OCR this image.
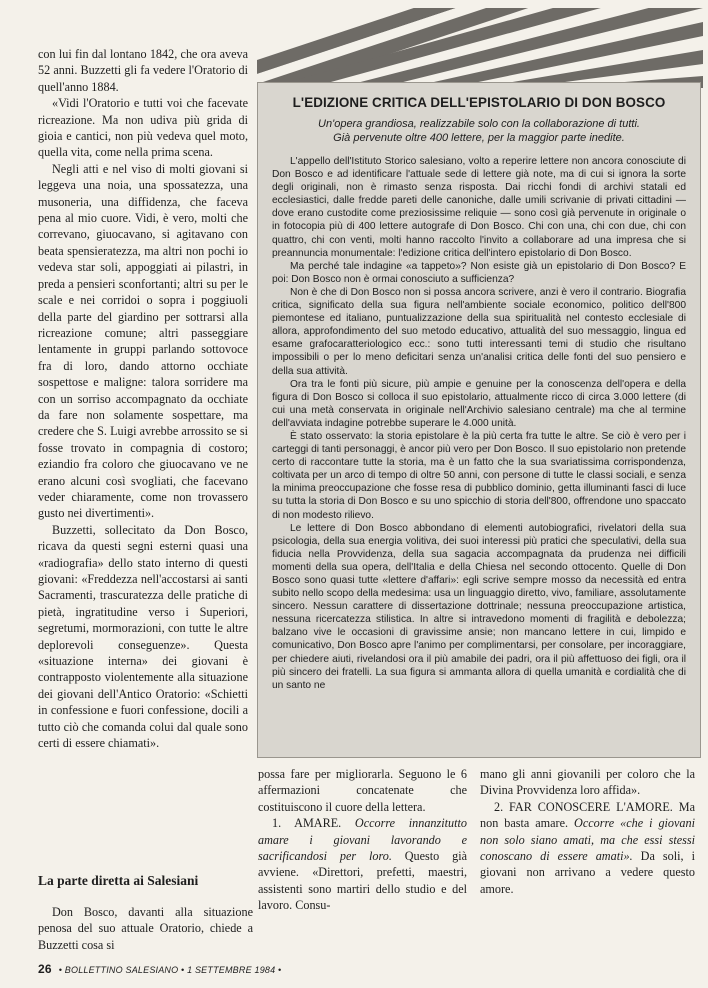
con lui fin dal lontano 1842, che ora aveva 52 anni. Buzzetti gli fa vedere l'Oratorio di quell'anno 1884.

«Vidi l'Oratorio e tutti voi che facevate ricreazione. Ma non udiva più grida di gioia e cantici, non più vedeva quel moto, quella vita, come nella prima scena.

Negli atti e nel viso di molti giovani si leggeva una noia, una spossatezza, una musoneria, una diffidenza, che faceva pena al mio cuore. Vidi, è vero, molti che correvano, giuocavano, si agitavano con beata spensieratezza, ma altri non pochi io vedeva star soli, appoggiati ai pilastri, in preda a pensieri sconfortanti; altri su per le scale e nei corridoi o sopra i poggiuoli della parte del giardino per sottrarsi alla ricreazione comune; altri passeggiare lentamente in gruppi parlando sottovoce fra di loro, dando attorno occhiate sospettose e maligne: talora sorridere ma con un sorriso accompagnato da occhiate da fare non solamente sospettare, ma credere che S. Luigi avrebbe arrossito se si fosse trovato in compagnia di costoro; eziandio fra coloro che giuocavano ve ne erano alcuni così svogliati, che facevano veder chiaramente, come non trovassero gusto nei divertimenti».

Buzzetti, sollecitato da Don Bosco, ricava da questi segni esterni quasi una «radiografia» dello stato interno di questi giovani: «Freddezza nell'accostarsi ai santi Sacramenti, trascuratezza delle pratiche di pietà, ingratitudine verso i Superiori, segretumi, mormorazioni, con tutte le altre deplorevoli conseguenze». Questa «situazione interna» dei giovani è contrapposto violentemente alla situazione dei giovani dell'Antico Oratorio: «Schietti in confessione e fuori confessione, docili a tutto ciò che comanda colui dal quale sono certi di essere chiamati».

La parte diretta ai Salesiani

Don Bosco, davanti alla situazione penosa del suo attuale Oratorio, chiede a Buzzetti cosa si

L'EDIZIONE CRITICA DELL'EPISTOLARIO DI DON BOSCO

Un'opera grandiosa, realizzabile solo con la collaborazione di tutti.
Già pervenute oltre 400 lettere, per la maggior parte inedite.

L'appello dell'Istituto Storico salesiano, volto a reperire lettere non ancora conosciute di Don Bosco e ad identificare l'attuale sede di lettere già note, ma di cui si ignora la sorte degli originali, non è rimasto senza risposta. Dai ricchi fondi di archivi statali ed ecclesiastici, dalle fredde pareti delle canoniche, dalle umili scrivanie di privati cittadini — dove erano custodite come preziosissime reliquie — sono così già pervenute in originale o in fotocopia più di 400 lettere autografe di Don Bosco. Chi con una, chi con due, chi con quattro, chi con venti, molti hanno raccolto l'invito a collaborare ad una impresa che si preannuncia monumentale: l'edizione critica dell'intero epistolario di Don Bosco.

Ma perché tale indagine «a tappeto»? Non esiste già un epistolario di Don Bosco? E poi: Don Bosco non è ormai conosciuto a sufficienza?

Non è che di Don Bosco non si possa ancora scrivere, anzi è vero il contrario. Biografia critica, significato della sua figura nell'ambiente sociale economico, politico dell'800 piemontese ed italiano, puntualizzazione della sua spiritualità nel contesto ecclesiale di allora, approfondimento del suo metodo educativo, attualità del suo messaggio, lingua ed esame grafocaratteriologico ecc.: sono tutti interessanti temi di studio che risultano impossibili o per lo meno deficitari senza un'analisi critica delle fonti del suo pensiero e della sua attività.

Ora tra le fonti più sicure, più ampie e genuine per la conoscenza dell'opera e della figura di Don Bosco si colloca il suo epistolario, attualmente ricco di circa 3.000 lettere (di cui una metà conservata in originale nell'Archivio salesiano centrale) ma che al termine dell'avviata indagine potrebbe superare le 4.000 unità.

È stato osservato: la storia epistolare è la più certa fra tutte le altre. Se ciò è vero per i carteggi di tanti personaggi, è ancor più vero per Don Bosco. Il suo epistolario non pretende certo di raccontare tutte la storia, ma è un fatto che la sua svariatissima corrispondenza, coltivata per un arco di tempo di oltre 50 anni, con persone di tutte le classi sociali, e senza la minima preoccupazione che fosse resa di pubblico dominio, getta illuminanti fasci di luce su tutta la storia di Don Bosco e su uno spicchio di storia dell'800, offrendone uno spaccato di non modesto rilievo.

Le lettere di Don Bosco abbondano di elementi autobiografici, rivelatori della sua psicologia, della sua energia volitiva, dei suoi interessi più pratici che speculativi, della sua fiducia nella Provvidenza, della sua sagacia accompagnata da prudenza nei difficili momenti della sua opera, dell'Italia e della Chiesa nel secondo ottocento. Quelle di Don Bosco sono quasi tutte «lettere d'affari»: egli scrive sempre mosso da necessità ed entra subito nello scopo della medesima: usa un linguaggio diretto, vivo, familiare, assolutamente sincero. Nessun carattere di dissertazione dottrinale; nessuna preoccupazione artistica, nessuna ricercatezza stilistica. In altre si intravedono momenti di fragilità e debolezza; balzano vive le occasioni di gravissime ansie; non mancano lettere in cui, limpido e comunicativo, Don Bosco apre l'animo per complimentarsi, per consolare, per incoraggiare, per chiedere aiuti, rivelandosi ora il più amabile dei padri, ora il più affettuoso dei figli, ora il più sincero dei fratelli. La sua figura si ammanta allora di quella umanità e cordialità che di un santo ne

possa fare per migliorarla. Seguono le 6 affermazioni concatenate che costituiscono il cuore della lettera.

1. AMARE. Occorre innanzitutto amare i giovani lavorando e sacrificandosi per loro. Questo già avviene. «Direttori, prefetti, maestri, assistenti sono martiri dello studio e del lavoro. Consu-

mano gli anni giovanili per coloro che la Divina Provvidenza loro affida».

2. FAR CONOSCERE L'AMORE. Ma non basta amare. Occorre «che i giovani non solo siano amati, ma che essi stessi conoscano di essere amati». Da soli, i giovani non arrivano a vedere questo amore.

26 • BOLLETTINO SALESIANO • 1 SETTEMBRE 1984 •
